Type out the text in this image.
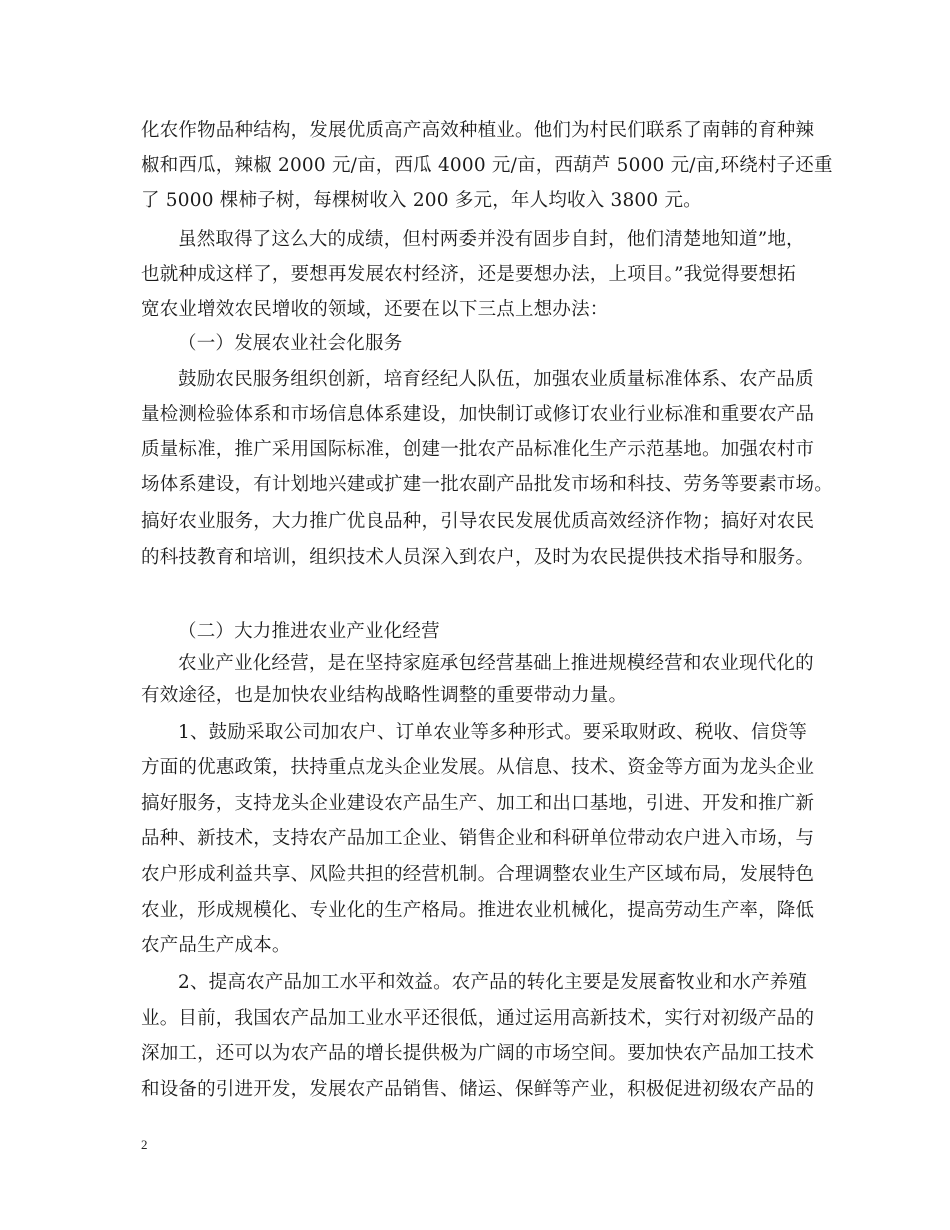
化农作物品种结构，发展优质高产高效种植业。他们为村民们联系了南韩的育种辣
椒和西瓜，辣椒 2000 元/亩，西瓜 4000 元/亩，西葫芦 5000 元/亩,环绕村子还重
了 5000 棵柿子树，每棵树收入 200 多元，年人均收入 3800 元。
虽然取得了这么大的成绩，但村两委并没有固步自封，他们清楚地知道”地，
也就种成这样了，要想再发展农村经济，还是要想办法，上项目。”我觉得要想拓
宽农业增效农民增收的领域，还要在以下三点上想办法：
（一）发展农业社会化服务
鼓励农民服务组织创新，培育经纪人队伍，加强农业质量标准体系、农产品质
量检测检验体系和市场信息体系建设，加快制订或修订农业行业标准和重要农产品
质量标准，推广采用国际标准，创建一批农产品标准化生产示范基地。加强农村市
场体系建设，有计划地兴建或扩建一批农副产品批发市场和科技、劳务等要素市场。
搞好农业服务，大力推广优良品种，引导农民发展优质高效经济作物；搞好对农民
的科技教育和培训，组织技术人员深入到农户，及时为农民提供技术指导和服务。
（二）大力推进农业产业化经营
农业产业化经营，是在坚持家庭承包经营基础上推进规模经营和农业现代化的
有效途径，也是加快农业结构战略性调整的重要带动力量。
1、鼓励采取公司加农户、订单农业等多种形式。要采取财政、税收、信贷等
方面的优惠政策，扶持重点龙头企业发展。从信息、技术、资金等方面为龙头企业
搞好服务，支持龙头企业建设农产品生产、加工和出口基地，引进、开发和推广新
品种、新技术，支持农产品加工企业、销售企业和科研单位带动农户进入市场，与
农户形成利益共享、风险共担的经营机制。合理调整农业生产区域布局，发展特色
农业，形成规模化、专业化的生产格局。推进农业机械化，提高劳动生产率，降低
农产品生产成本。
2、提高农产品加工水平和效益。农产品的转化主要是发展畜牧业和水产养殖
业。目前，我国农产品加工业水平还很低，通过运用高新技术，实行对初级产品的
深加工，还可以为农产品的增长提供极为广阔的市场空间。要加快农产品加工技术
和设备的引进开发，发展农产品销售、储运、保鲜等产业，积极促进初级农产品的
2
